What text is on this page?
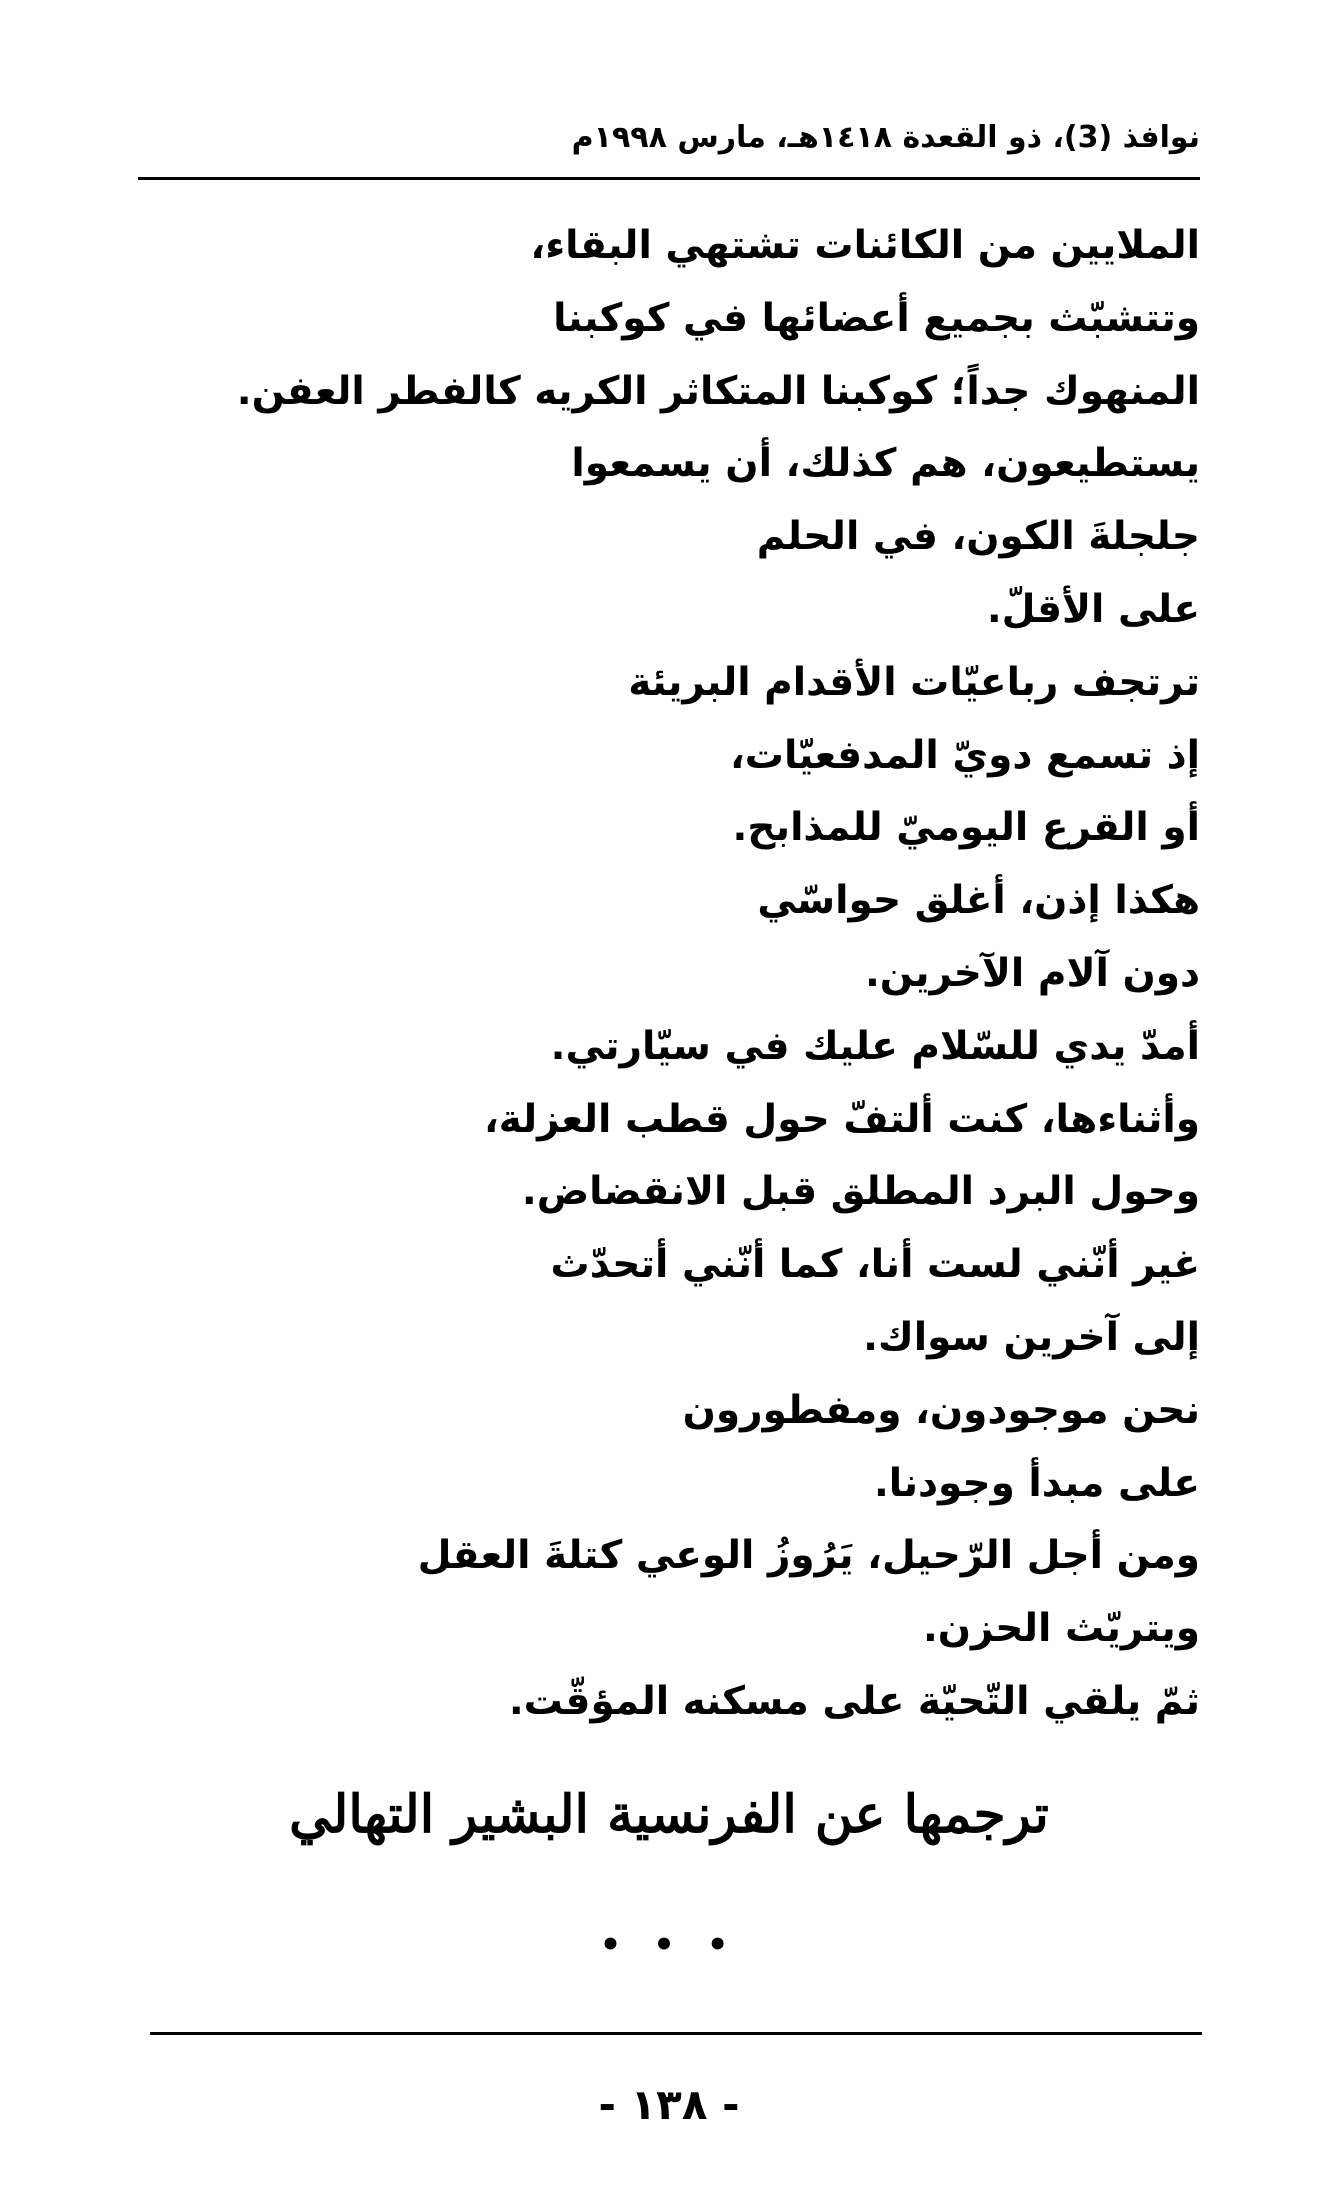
نوافذ (3)، ذو القعدة ١٤١٨هـ، مارس ١٩٩٨م
الملايين من الكائنات تشتهي البقاء،
وتتشبّث بجميع أعضائها في كوكبنا
المنهوك جداً؛ كوكبنا المتكاثر الكريه كالفطر العفن.
يستطيعون، هم كذلك، أن يسمعوا
جلجلةَ الكون، في الحلم
على الأقلّ.
ترتجف رباعيّات الأقدام البريئة
إذ تسمع دويّ المدفعيّات،
أو القرع اليوميّ للمذابح.
هكذا إذن، أغلق حواسّي
دون آلام الآخرين.
أمدّ يدي للسّلام عليك في سيّارتي.
وأثناءها، كنت ألتفّ حول قطب العزلة،
وحول البرد المطلق قبل الانقضاض.
غير أنّني لست أنا، كما أنّني أتحدّث
إلى آخرين سواك.
نحن موجودون، ومفطورون
على مبدأ وجودنا.
ومن أجل الرّحيل، يَرُوزُ الوعي كتلةَ العقل
ويتريّث الحزن.
ثمّ يلقي التّحيّة على مسكنه المؤقّت.
ترجمها عن الفرنسية البشير التهالي
• • •
- ١٣٨ -
